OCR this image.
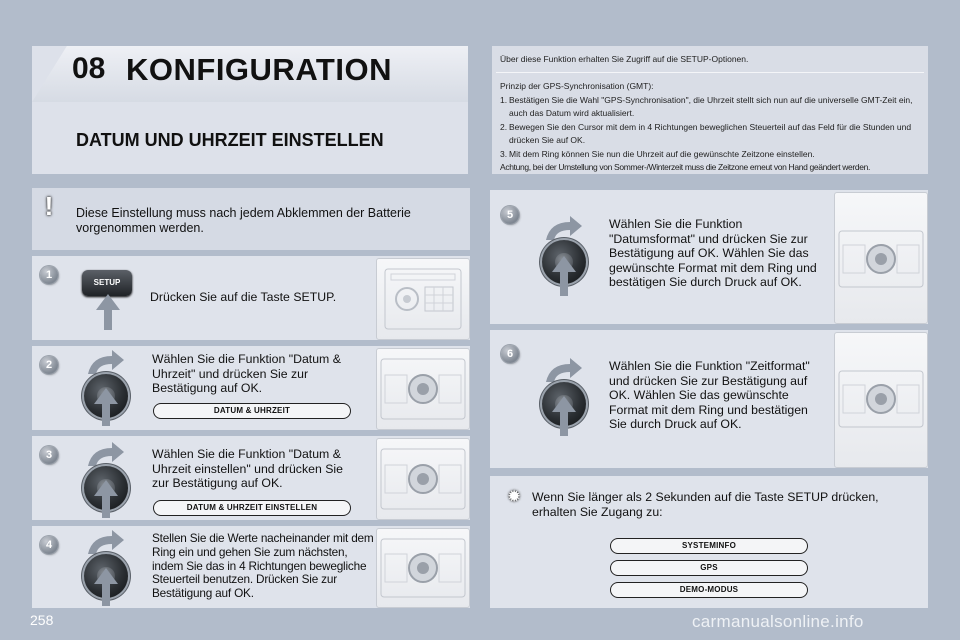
08 KONFIGURATION
DATUM UND UHRZEIT EINSTELLEN
Über diese Funktion erhalten Sie Zugriff auf die SETUP-Optionen.
Prinzip der GPS-Synchronisation (GMT):
1. Bestätigen Sie die Wahl "GPS-Synchronisation", die Uhrzeit stellt sich nun auf die universelle GMT-Zeit ein, auch das Datum wird aktualisiert.
2. Bewegen Sie den Cursor mit dem in 4 Richtungen beweglichen Steuerteil auf das Feld für die Stunden und drücken Sie auf OK.
3. Mit dem Ring können Sie nun die Uhrzeit auf die gewünschte Zeitzone einstellen.
Achtung, bei der Umstellung von Sommer-/Winterzeit muss die Zeitzone erneut von Hand geändert werden.
!	Diese Einstellung muss nach jedem Abklemmen der Batterie vorgenommen werden.
1
SETUP
Drücken Sie auf die Taste SETUP.
2	Wählen Sie die Funktion "Datum & Uhrzeit" und drücken Sie zur Bestätigung auf OK.
DATUM & UHRZEIT
3	Wählen Sie die Funktion "Datum & Uhrzeit einstellen" und drücken Sie zur Bestätigung auf OK.
DATUM & UHRZEIT EINSTELLEN
4	Stellen Sie die Werte nacheinander mit dem Ring ein und gehen Sie zum nächsten, indem Sie das in 4 Richtungen bewegliche Steuerteil benutzen. Drücken Sie zur Bestätigung auf OK.
5
Wählen Sie die Funktion "Datumsformat" und drücken Sie zur Bestätigung auf OK. Wählen Sie das gewünschte Format mit dem Ring und bestätigen Sie durch Druck auf OK.
6
Wählen Sie die Funktion "Zeitformat" und drücken Sie zur Bestätigung auf OK. Wählen Sie das gewünschte Format mit dem Ring und bestätigen Sie durch Druck auf OK.
✹ Wenn Sie länger als 2 Sekunden auf die Taste SETUP drücken, erhalten Sie Zugang zu:
SYSTEMINFO
GPS
DEMO-MODUS
258	carmanualsonline.info
